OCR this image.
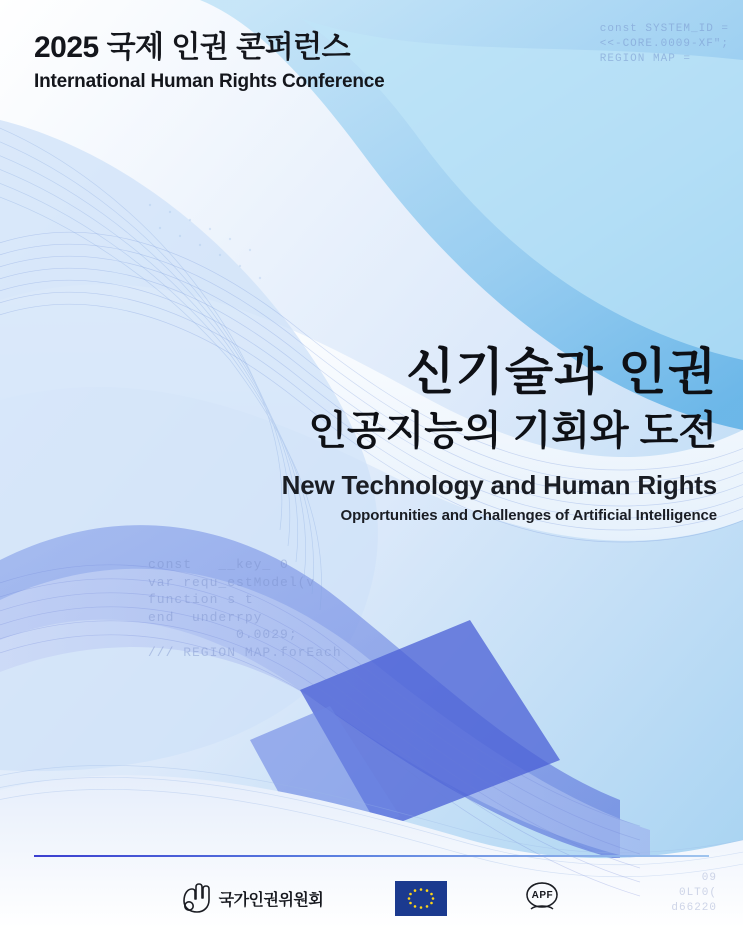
const SYSTEM_ID =
<<-CORE.0009-XF";
REGION MAP =
const   __key_ 0
var requ_estModel(v
function s t
end  underrpy
0.0029;
/// REGION MAP.forEach
09
0LT0(
d66220
2025 국제 인권 콘퍼런스
International Human Rights Conference
신기술과 인권
인공지능의 기회와 도전
New Technology and Human Rights
Opportunities and Challenges of Artificial Intelligence
국가인권위원회	APF
